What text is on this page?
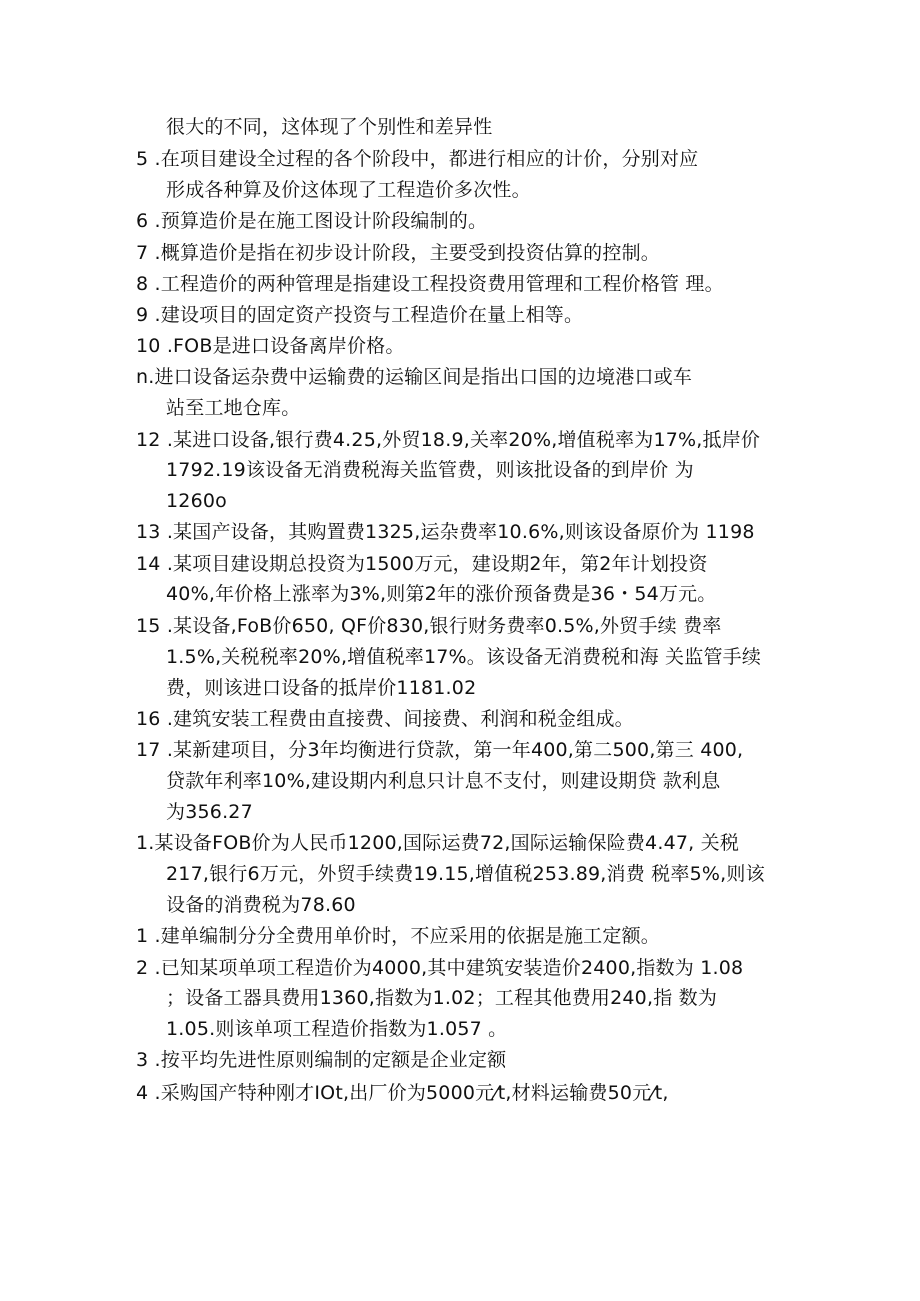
很大的不同，这体现了个别性和差异性
5 .在项目建设全过程的各个阶段中，都进行相应的计价，分别对应
形成各种算及价这体现了工程造价多次性。
6 .预算造价是在施工图设计阶段编制的。
7 .概算造价是指在初步设计阶段，主要受到投资估算的控制。
8 .工程造价的两种管理是指建设工程投资费用管理和工程价格管 理。
9 .建设项目的固定资产投资与工程造价在量上相等。
10 .FOB是进口设备离岸价格。
n.进口设备运杂费中运输费的运输区间是指出口国的边境港口或车
站至工地仓库。
12 .某进口设备,银行费4.25,外贸18.9,关率20%,增值税率为17%,抵岸价
1792.19该设备无消费税海关监管费，则该批设备的到岸价 为
1260o
13 .某国产设备，其购置费1325,运杂费率10.6%,则该设备原价为 1198
14 .某项目建设期总投资为1500万元，建设期2年，第2年计划投资
40%,年价格上涨率为3%,则第2年的涨价预备费是36・54万元。
15 .某设备,FoB价650, QF价830,银行财务费率0.5%,外贸手续 费率
1.5%,关税税率20%,增值税率17%。该设备无消费税和海 关监管手续
费，则该进口设备的抵岸价1181.02
16 .建筑安装工程费由直接费、间接费、利润和税金组成。
17 .某新建项目，分3年均衡进行贷款，第一年400,第二500,第三 400,
贷款年利率10%,建设期内利息只计息不支付，则建设期贷 款利息
为356.27
1.某设备FOB价为人民币1200,国际运费72,国际运输保险费4.47, 关税
217,银行6万元，外贸手续费19.15,增值税253.89,消费 税率5%,则该
设备的消费税为78.60
1 .建单编制分分全费用单价时，不应采用的依据是施工定额。
2 .已知某项单项工程造价为4000,其中建筑安装造价2400,指数为 1.08
；设备工器具费用1360,指数为1.02；工程其他费用240,指 数为
1.05.则该单项工程造价指数为1.057 。
3 .按平均先进性原则编制的定额是企业定额
4 .采购国产特种刚才IOt,出厂价为5000元⁄t,材料运输费50元⁄t,
